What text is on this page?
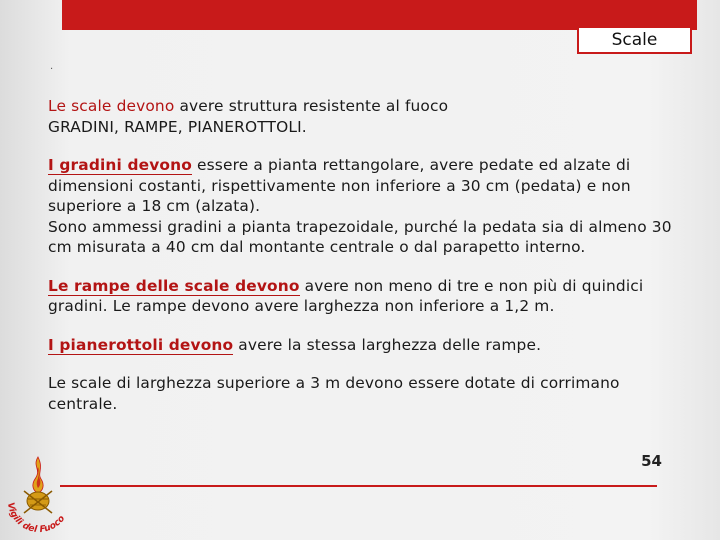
Scale
.

Le scale devono avere struttura resistente al fuoco

GRADINI, RAMPE, PIANEROTTOLI.

I gradini devono essere a pianta rettangolare, avere pedate ed alzate di dimensioni costanti, rispettivamente non inferiore a 30 cm (pedata) e non superiore a 18 cm (alzata).

Sono ammessi gradini a pianta trapezoidale, purché la pedata sia di almeno 30 cm misurata a 40 cm dal montante centrale o dal parapetto interno.

Le rampe delle scale devono avere non meno di tre e non più di quindici gradini. Le rampe devono avere larghezza non inferiore a 1,2 m.

I pianerottoli devono avere la stessa larghezza delle rampe.

Le scale di larghezza superiore a 3 m devono essere dotate di corrimano centrale.

54
Vigili del Fuoco
